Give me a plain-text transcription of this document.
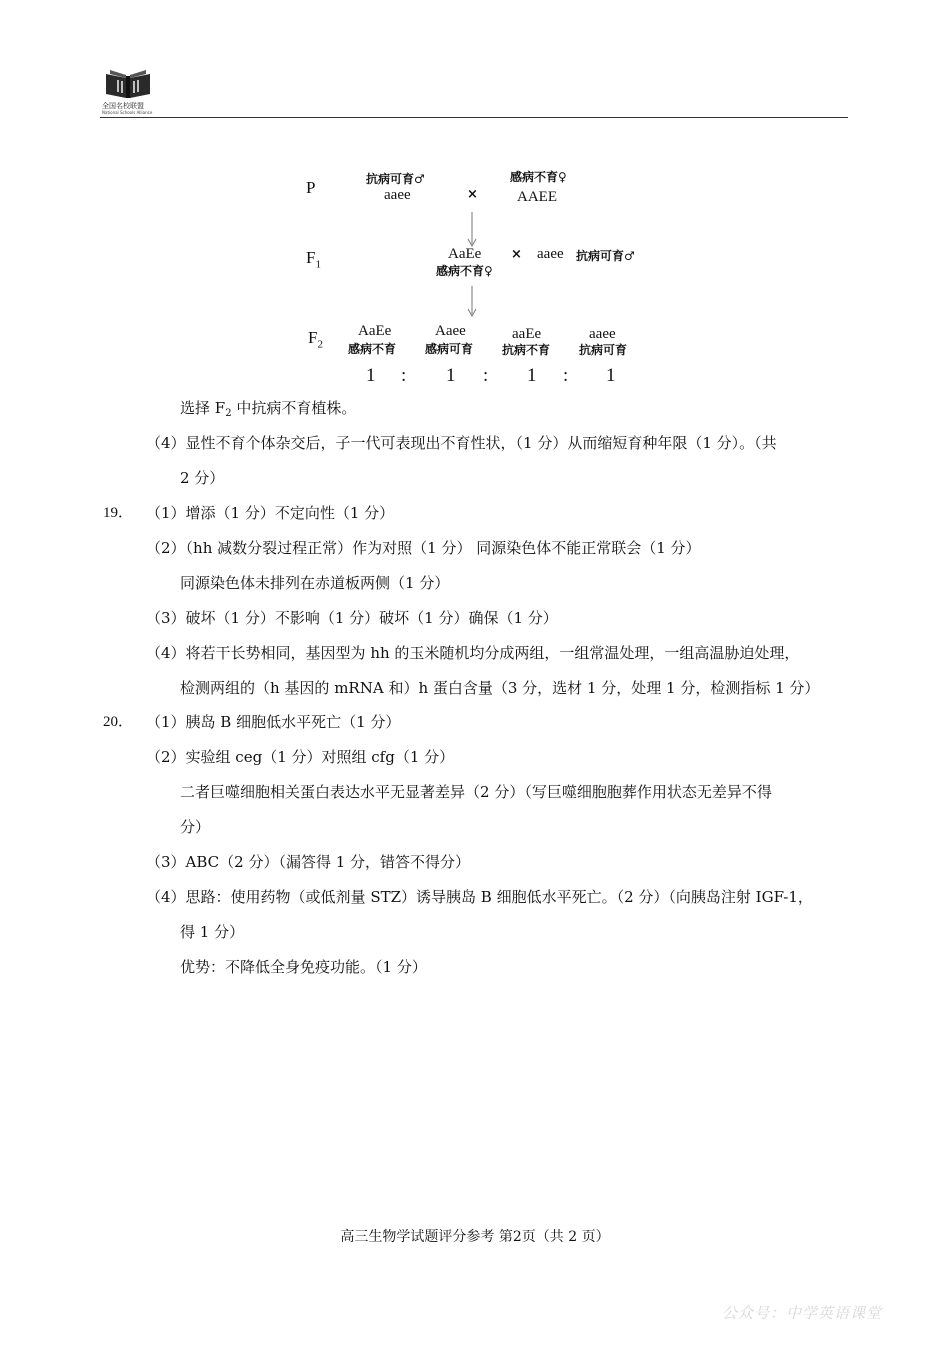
全国名校联盟
National Schools Alliance
P	抗病可育♂
aaee	×
感病不育♀
AAEE
$F_1$
AaEe
感病不育♀
× aaee 抗病可育♂
$F_2$
AaEe
感病不育
Aaee
感病可育
aaEe
抗病不育
aaee
抗病可育
1 : 1 : 1 : 1
选择 $F_2$ 中抗病不育植株。
（4）显性不育个体杂交后，子一代可表现出不育性状，（1 分）从而缩短育种年限（1 分）。（共
2 分）
19． （1）增添（1 分）不定向性（1 分）
（2）（hh 减数分裂过程正常）作为对照（1 分） 同源染色体不能正常联会（1 分）
同源染色体未排列在赤道板两侧（1 分）
（3）破坏（1 分）不影响（1 分）破坏（1 分）确保（1 分）
（4）将若干长势相同，基因型为 hh 的玉米随机均分成两组，一组常温处理，一组高温胁迫处理，
检测两组的（h 基因的 mRNA 和）h 蛋白含量（3 分，选材 1 分，处理 1 分，检测指标 1 分）
20． （1）胰岛 B 细胞低水平死亡（1 分）
（2）实验组 ceg（1 分）对照组 cfg（1 分）
二者巨噬细胞相关蛋白表达水平无显著差异（2 分）（写巨噬细胞胞葬作用状态无差异不得
分）
（3）ABC（2 分）（漏答得 1 分，错答不得分）
（4）思路：使用药物（或低剂量 STZ）诱导胰岛 B 细胞低水平死亡。（2 分）（向胰岛注射 IGF-1，
得 1 分）
优势：不降低全身免疫功能。（1 分）
高三生物学试题评分参考 第2页（共 2 页）
公众号：中学英语课堂
